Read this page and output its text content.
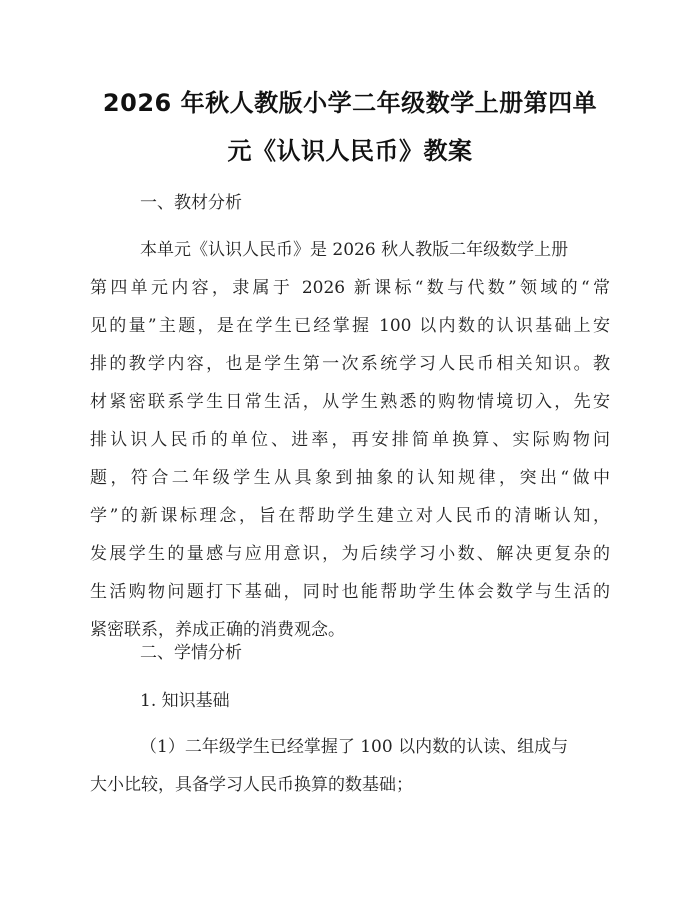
2026 年秋人教版小学二年级数学上册第四单
元《认识人民币》教案
一、教材分析
本单元《认识人民币》是 2026 秋人教版二年级数学上册
第四单元内容，隶属于 2026 新课标“数与代数”领域的“常
见的量”主题，是在学生已经掌握 100 以内数的认识基础上安
排的教学内容，也是学生第一次系统学习人民币相关知识。教
材紧密联系学生日常生活，从学生熟悉的购物情境切入，先安
排认识人民币的单位、进率，再安排简单换算、实际购物问
题，符合二年级学生从具象到抽象的认知规律，突出“做中
学”的新课标理念，旨在帮助学生建立对人民币的清晰认知，
发展学生的量感与应用意识，为后续学习小数、解决更复杂的
生活购物问题打下基础，同时也能帮助学生体会数学与生活的
紧密联系，养成正确的消费观念。
二、学情分析
1. 知识基础
（1）二年级学生已经掌握了 100 以内数的认读、组成与
大小比较，具备学习人民币换算的数基础；
